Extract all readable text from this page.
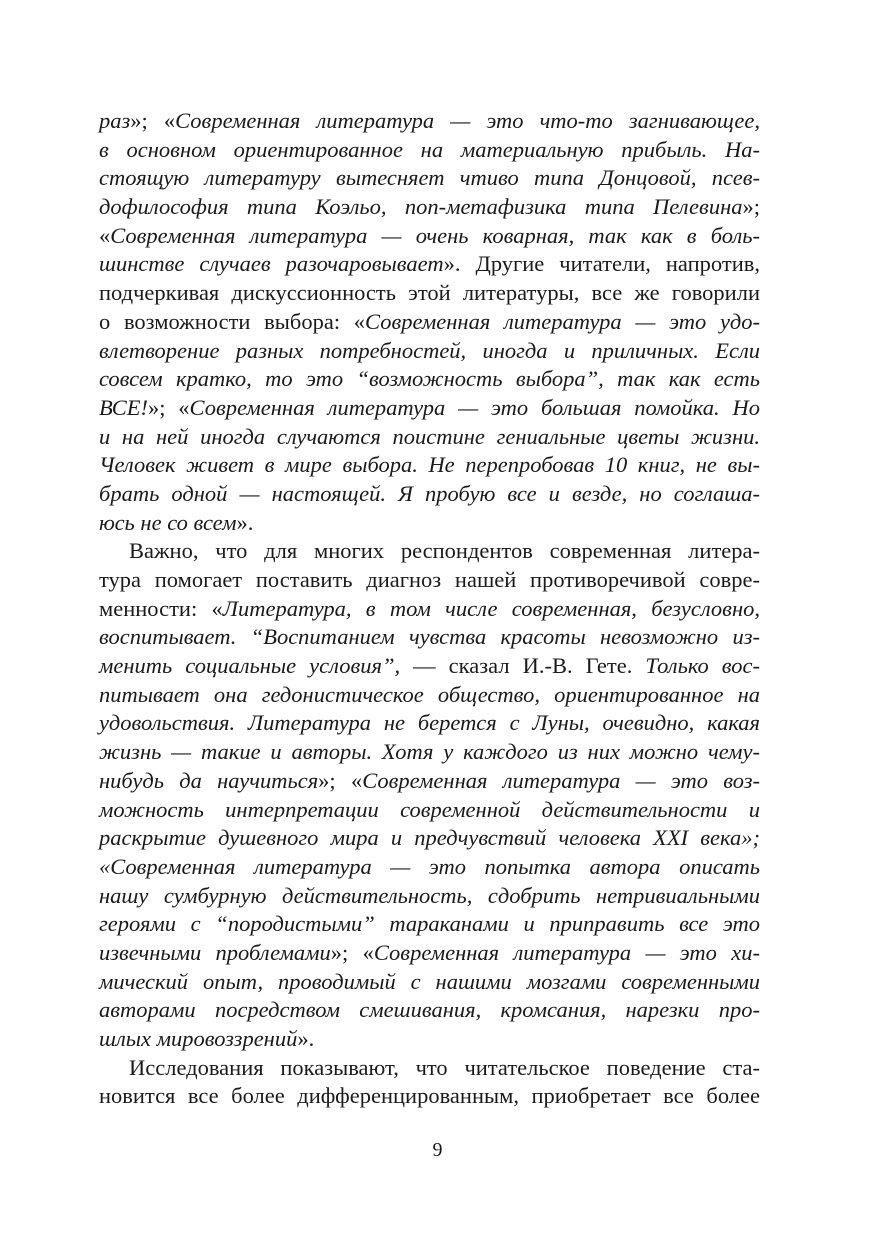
раз»; «Современная литература — это что-то загнивающее,
в основном ориентированное на материальную прибыль. На-
стоящую литературу вытесняет чтиво типа Донцовой, псев-
дофилософия типа Коэльо, поп-метафизика типа Пелевина»;
«Современная литература — очень коварная, так как в боль-
шинстве случаев разочаровывает». Другие читатели, напротив,
подчеркивая дискуссионность этой литературы, все же говорили
о возможности выбора: «Современная литература — это удо-
влетворение разных потребностей, иногда и приличных. Если
совсем кратко, то это “возможность выбора”, так как есть
ВСЕ!»; «Современная литература — это большая помойка. Но
и на ней иногда случаются поистине гениальные цветы жизни.
Человек живет в мире выбора. Не перепробовав 10 книг, не вы-
брать одной — настоящей. Я пробую все и везде, но соглаша-
юсь не со всем».
Важно, что для многих респондентов современная литера-
тура помогает поставить диагноз нашей противоречивой совре-
менности: «Литература, в том числе современная, безусловно,
воспитывает. “Воспитанием чувства красоты невозможно из-
менить социальные условия”, — сказал И.-В. Гете. Только вос-
питывает она гедонистическое общество, ориентированное на
удовольствия. Литература не берется с Луны, очевидно, какая
жизнь — такие и авторы. Хотя у каждого из них можно чему-
нибудь да научиться»; «Современная литература — это воз-
можность интерпретации современной действительности и
раскрытие душевного мира и предчувствий человека XXI века»;
«Современная литература — это попытка автора описать
нашу сумбурную действительность, сдобрить нетривиальными
героями с “породистыми” тараканами и приправить все это
извечными проблемами»; «Современная литература — это хи-
мический опыт, проводимый с нашими мозгами современными
авторами посредством смешивания, кромсания, нарезки про-
шлых мировоззрений».
Исследования показывают, что читательское поведение ста-
новится все более дифференцированным, приобретает все более
9
